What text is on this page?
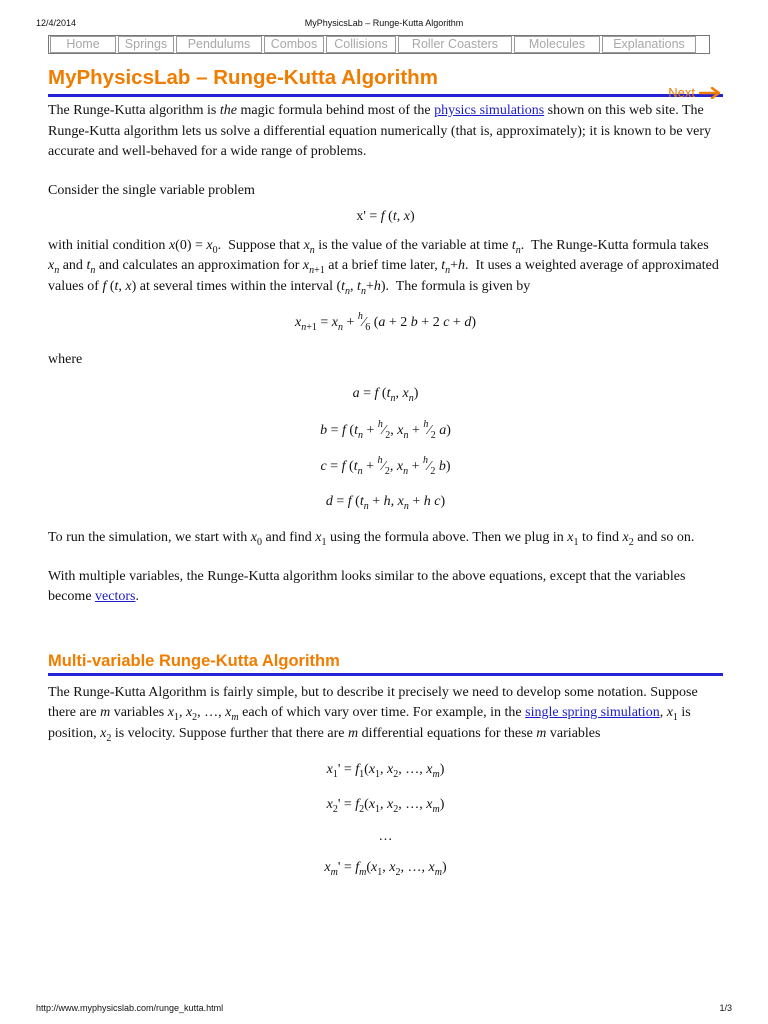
12/4/2014	MyPhysicsLab – Runge-Kutta Algorithm
Home	Springs	Pendulums	Combos	Collisions	Roller Coasters	Molecules	Explanations
MyPhysicsLab – Runge-Kutta Algorithm
Next

The Runge-Kutta algorithm is the magic formula behind most of the physics simulations shown on this web site. The Runge-Kutta algorithm lets us solve a differential equation numerically (that is, approximately); it is known to be very accurate and well-behaved for a wide range of problems.

Consider the single variable problem

x' = f (t, x)

with initial condition $x(0) = x_0$.  Suppose that $x_n$ is the value of the variable at time $t_n$.  The Runge-Kutta formula takes $x_n$ and $t_n$ and calculates an approximation for $x_{n+1}$ at a brief time later, $t_n+h$.  It uses a weighted average of approximated values of f (t, x) at several times within the interval ($t_n$, $t_n+h$).  The formula is given by

$x_{n+1} = x_n$ + $^h⁄_6$ (a + 2 b + 2 c + d)

where

a = f ($t_n$, $x_n$)

b = f ($t_n$ + $^h⁄_2$, $x_n$ + $^h⁄_2$ a)

c = f ($t_n$ + $^h⁄_2$, $x_n$ + $^h⁄_2$ b)

d = f ($t_n + h$, $x_n + h$ c)

To run the simulation, we start with $x_0$ and find $x_1$ using the formula above. Then we plug in $x_1$ to find $x_2$ and so on.

With multiple variables, the Runge-Kutta algorithm looks similar to the above equations, except that the variables become vectors.

Multi-variable Runge-Kutta Algorithm

The Runge-Kutta Algorithm is fairly simple, but to describe it precisely we need to develop some notation. Suppose there are m variables $x_1$, $x_2$, …, $x_m$ each of which vary over time. For example, in the single spring simulation, $x_1$ is position, $x_2$ is velocity. Suppose further that there are m differential equations for these m variables

$x_1' = f_1(x_1$, $x_2$, …, $x_m$)

$x_2' = f_2(x_1$, $x_2$, …, $x_m$)

…

$x_m' = f_m(x_1$, $x_2$, …, $x_m$)

http://www.myphysicslab.com/runge_kutta.html	1/3
